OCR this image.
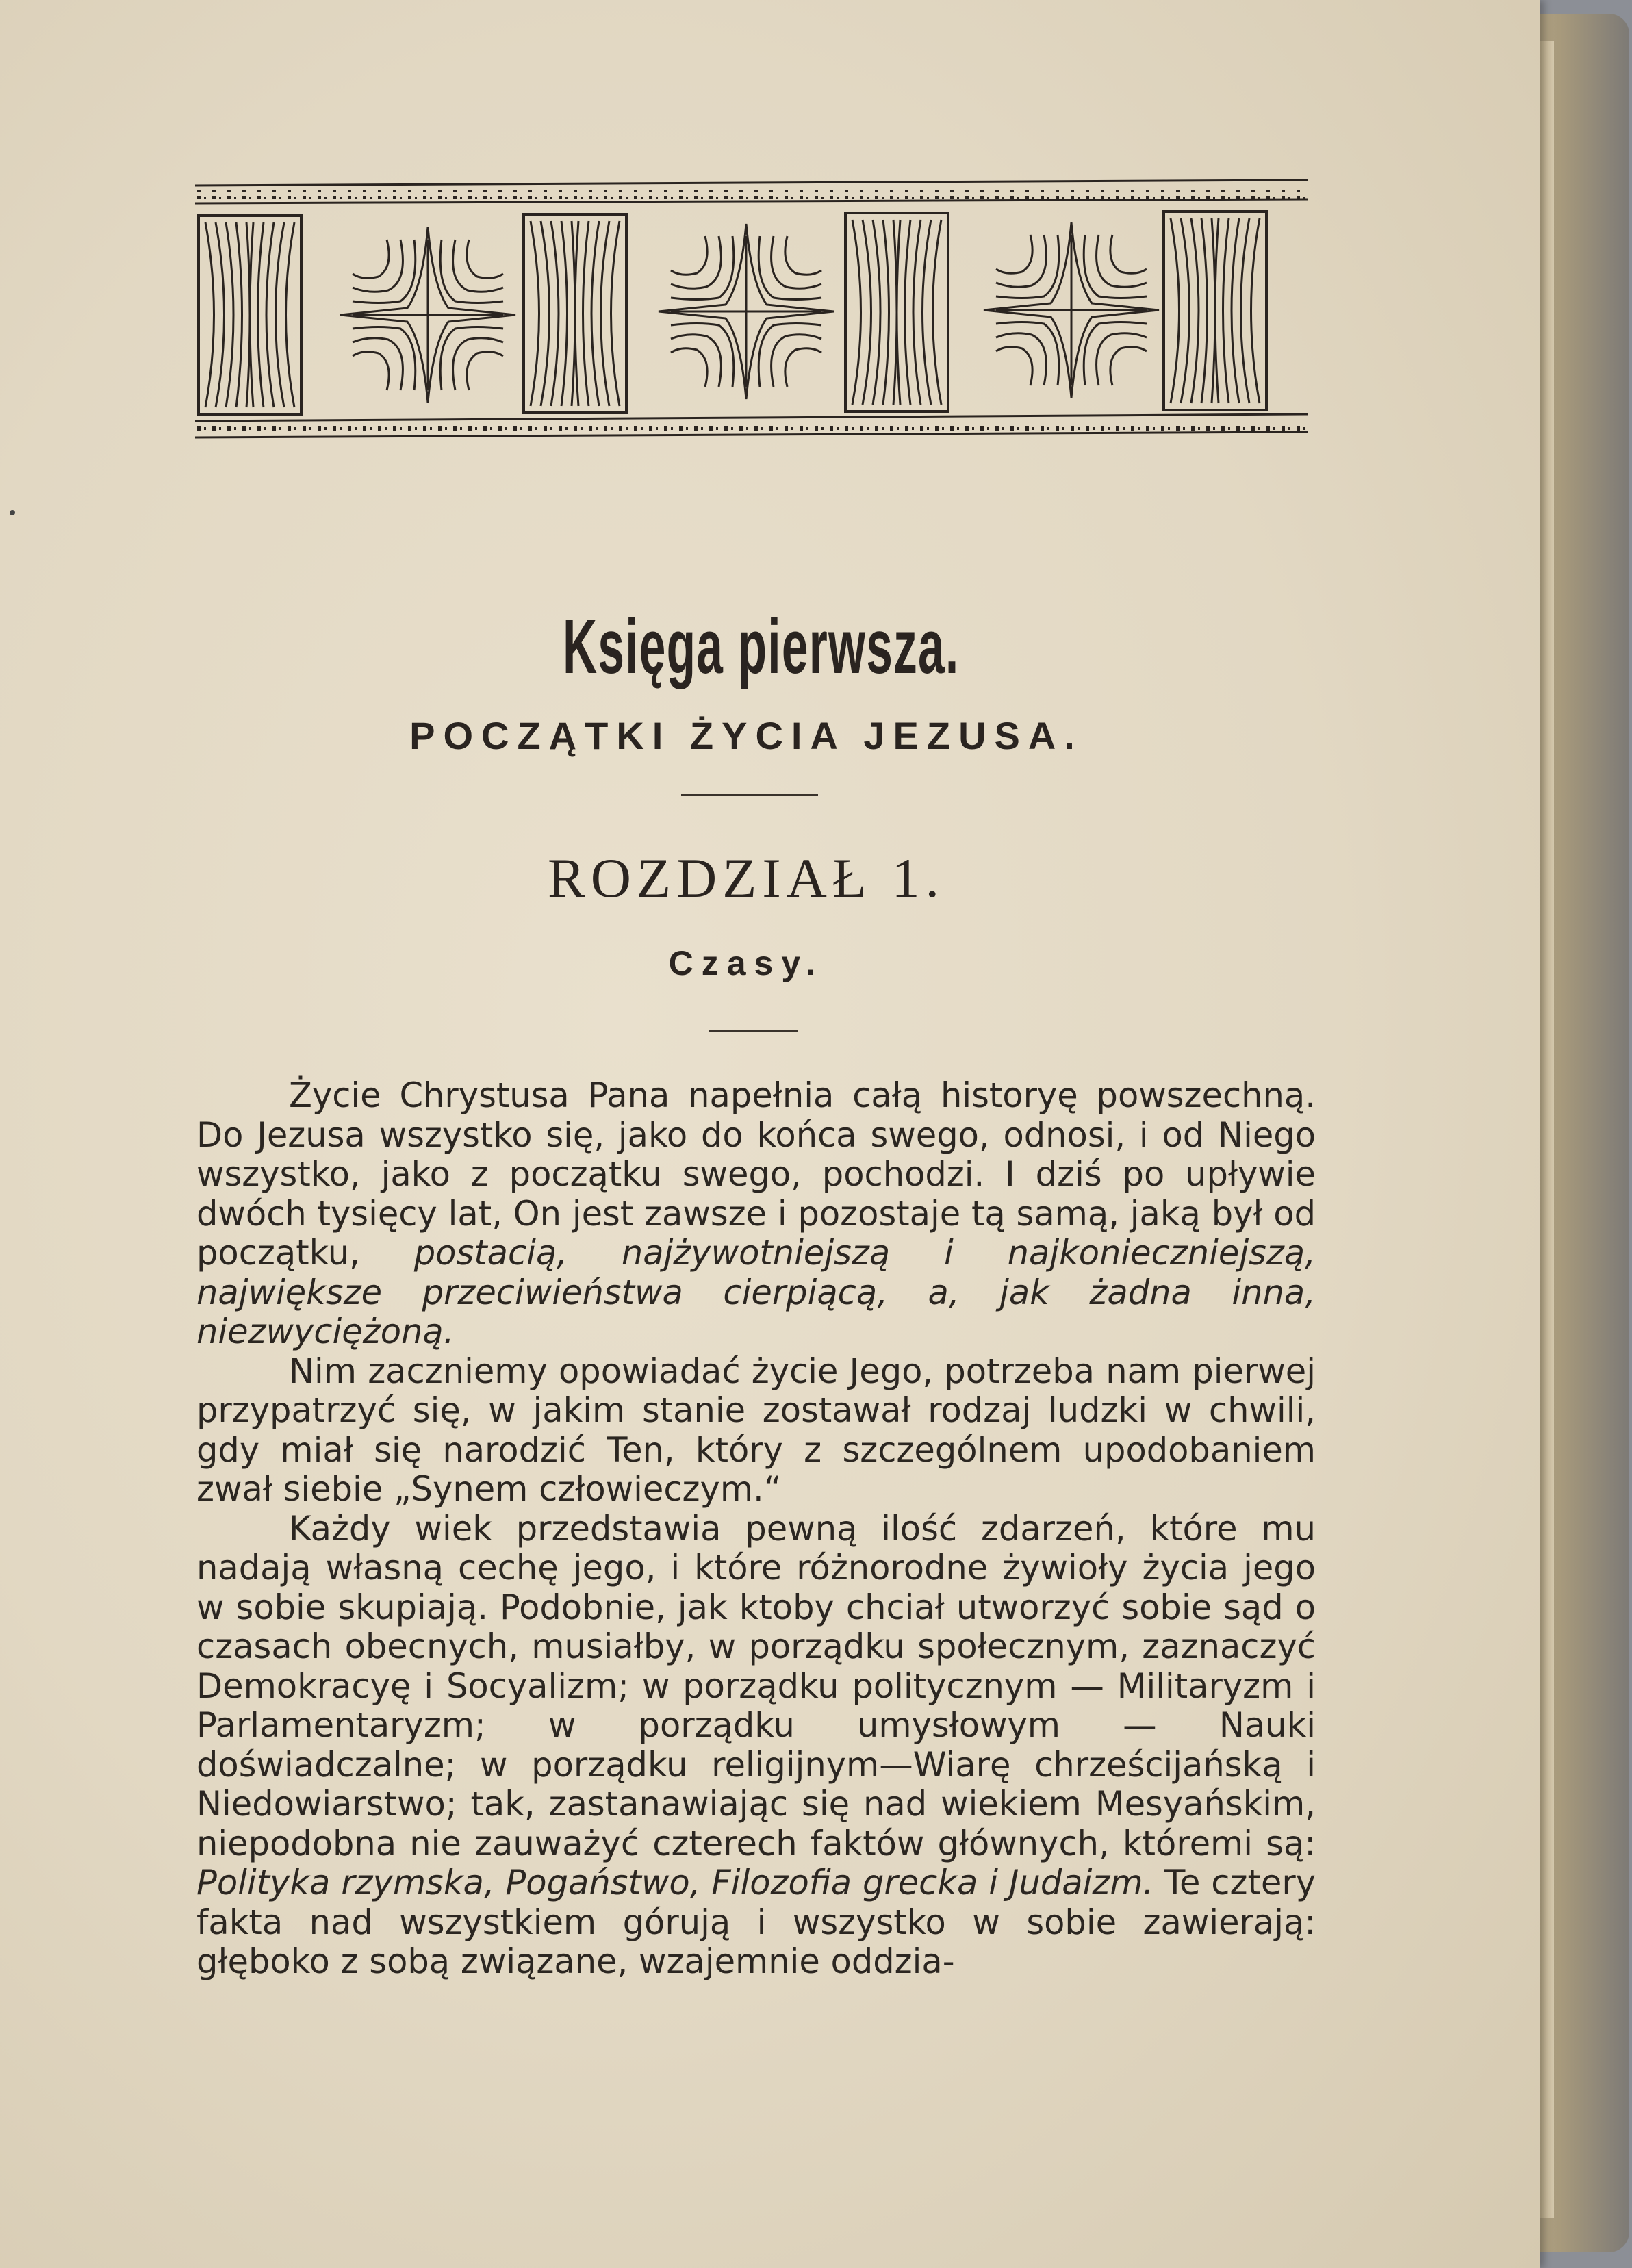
Księga pierwsza.
POCZĄTKI ŻYCIA JEZUSA.
ROZDZIAŁ 1.
Czasy.

Życie Chrystusa Pana napełnia całą historyę powszechną. Do Jezusa wszystko się, jako do końca swego, odnosi, i od Niego wszystko, jako z początku swego, pochodzi. I dziś po upływie dwóch tysięcy lat, On jest zawsze i pozostaje tą samą, jaką był od początku, postacią, najżywotniejszą i najkonieczniejszą, największe przeciwieństwa cierpiącą, a, jak żadna inna, niezwyciężoną.

Nim zaczniemy opowiadać życie Jego, potrzeba nam pierwej przypatrzyć się, w jakim stanie zostawał rodzaj ludzki w chwili, gdy miał się narodzić Ten, który z szczególnem upodobaniem zwał siebie „Synem człowieczym.“

Każdy wiek przedstawia pewną ilość zdarzeń, które mu nadają własną cechę jego, i które różnorodne żywioły życia jego w sobie skupiają. Podobnie, jak ktoby chciał utworzyć sobie sąd o czasach obecnych, musiałby, w porządku społecznym, zaznaczyć Demokracyę i Socyalizm; w porządku politycznym — Militaryzm i Parlamentaryzm; w porządku umysłowym — Nauki doświadczalne; w porządku religijnym—Wiarę chrześcijańską i Niedowiarstwo; tak, zastanawiając się nad wiekiem Mesyańskim, niepodobna nie zauważyć czterech faktów głównych, któremi są: Polityka rzymska, Pogaństwo, Filozofia grecka i Judaizm. Te cztery fakta nad wszystkiem górują i wszystko w sobie zawierają: głęboko z sobą związane, wzajemnie oddzia-
